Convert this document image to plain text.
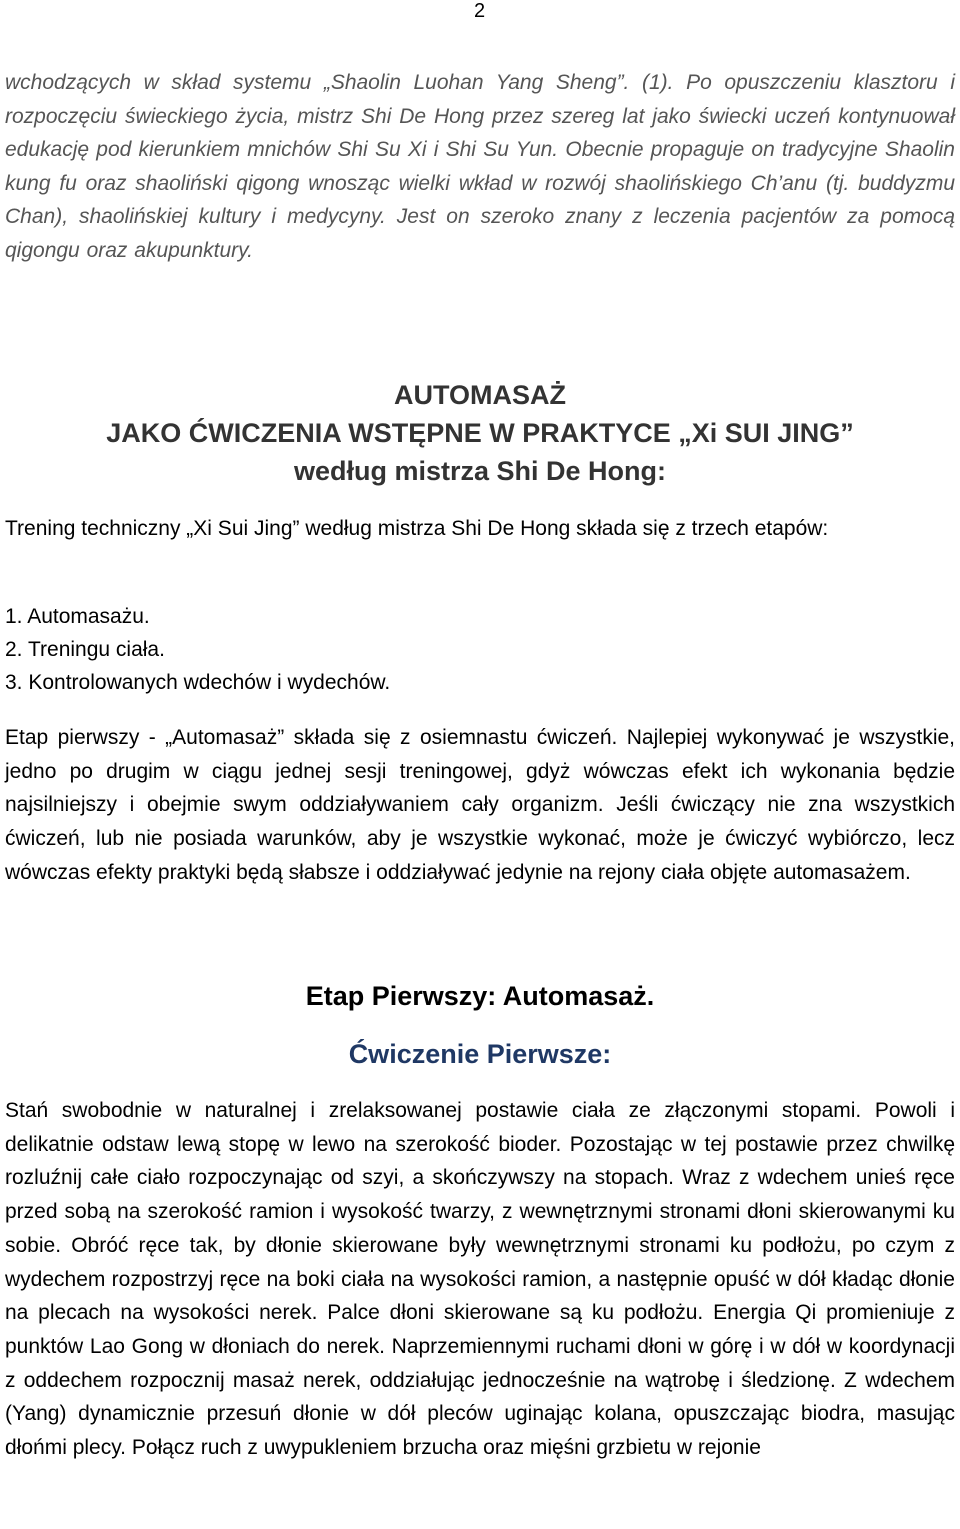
2
wchodzących w skład systemu „Shaolin Luohan Yang Sheng”. (1). Po opuszczeniu klasztoru i rozpoczęciu świeckiego życia, mistrz Shi De Hong przez szereg lat jako świecki uczeń kontynuował edukację pod kierunkiem mnichów Shi Su Xi i Shi Su Yun. Obecnie propaguje on tradycyjne Shaolin kung fu oraz shaoliński qigong wnosząc wielki wkład w rozwój shaolińskiego Ch’anu (tj. buddyzmu Chan), shaolińskiej kultury i medycyny. Jest on szeroko znany z leczenia pacjentów za pomocą qigongu oraz akupunktury.
AUTOMASAŻ
JAKO ĆWICZENIA WSTĘPNE W PRAKTYCE „Xi SUI JING”
według mistrza Shi De Hong:
Trening techniczny „Xi Sui Jing” według mistrza Shi De Hong składa się z trzech etapów:
1. Automasażu.
2. Treningu ciała.
3. Kontrolowanych wdechów i wydechów.
Etap pierwszy - „Automasaż” składa się z osiemnastu ćwiczeń. Najlepiej wykonywać je wszystkie, jedno po drugim w ciągu jednej sesji treningowej, gdyż wówczas efekt ich wykonania będzie najsilniejszy i obejmie swym oddziaływaniem cały organizm. Jeśli ćwiczący nie zna wszystkich ćwiczeń, lub nie posiada warunków, aby je wszystkie wykonać, może je ćwiczyć wybiórczo, lecz wówczas efekty praktyki będą słabsze i oddziaływać jedynie na rejony ciała objęte automasażem.
Etap Pierwszy: Automasaż.
Ćwiczenie Pierwsze:
Stań swobodnie w naturalnej i zrelaksowanej postawie ciała ze złączonymi stopami. Powoli i delikatnie odstaw lewą stopę w lewo na szerokość bioder. Pozostając w tej postawie przez chwilkę rozluźnij całe ciało rozpoczynając od szyi, a skończywszy na stopach. Wraz z wdechem unieś ręce przed sobą na szerokość ramion i wysokość twarzy, z wewnętrznymi stronami dłoni skierowanymi ku sobie. Obróć ręce tak, by dłonie skierowane były wewnętrznymi stronami ku podłożu, po czym z wydechem rozpostrzyj ręce na boki ciała na wysokości ramion, a następnie opuść w dół kładąc dłonie na plecach na wysokości nerek. Palce dłoni skierowane są ku podłożu. Energia Qi promieniuje z punktów Lao Gong w dłoniach do nerek. Naprzemiennymi ruchami dłoni w górę i w dół w koordynacji z oddechem rozpocznij masaż nerek, oddziałując jednocześnie na wątrobę i śledzionę. Z wdechem (Yang) dynamicznie przesuń dłonie w dół pleców uginając kolana, opuszczając biodra, masując dłońmi plecy. Połącz ruch z uwypukleniem brzucha oraz mięśni grzbietu w rejonie
